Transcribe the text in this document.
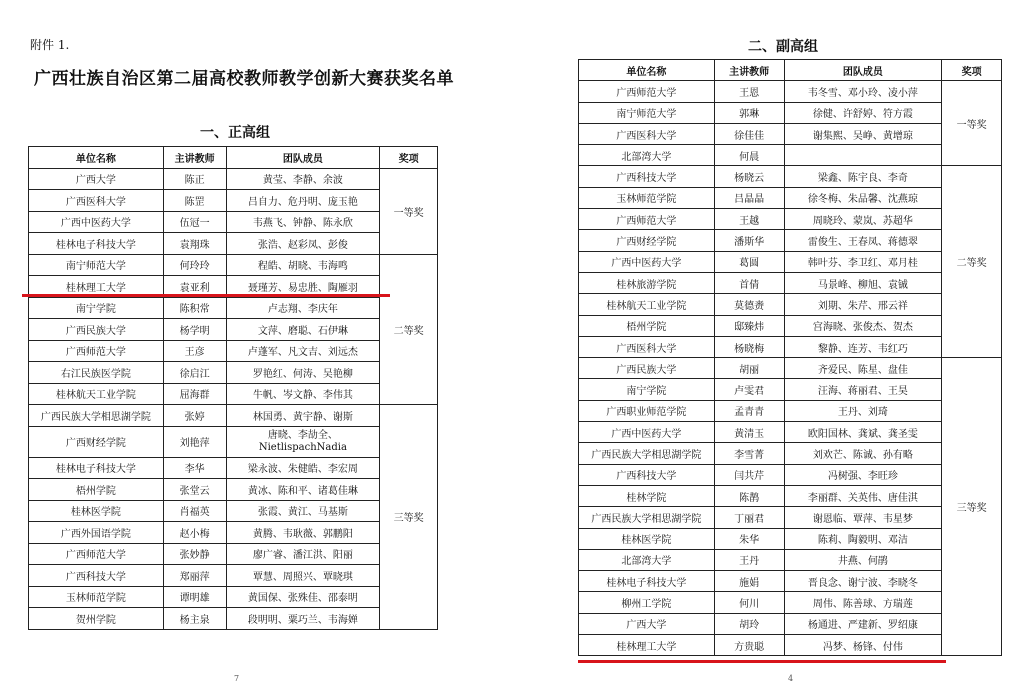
附件 1.
广西壮族自治区第二届高校教师教学创新大赛获奖名单
一、正高组
二、副高组
单位名称	主讲教师	团队成员	奖项
广西大学	陈正	黄莹、李静、余波	一等奖
广西医科大学	陈罡	吕自力、危丹明、庞玉艳	
广西中医药大学	伍冠一	韦燕飞、钟静、陈永欣	
桂林电子科技大学	袁翔珠	张浩、赵彩凤、彭俊	
南宁师范大学	何玲玲	程皓、胡晓、韦海鸣	二等奖
桂林理工大学	袁亚利	聂瑾芳、易忠胜、陶雁羽	
南宁学院	陈积常	卢志翔、李庆年	
广西民族大学	杨学明	文萍、磨聪、石伊琳	
广西师范大学	王彦	卢蓬军、凡文吉、刘远杰	
右江民族医学院	徐启江	罗艳红、何涛、吴艳柳	
桂林航天工业学院	屈海群	牛帆、岑文静、李伟其	
广西民族大学相思湖学院	张婷	林国勇、黄宇静、谢斯	三等奖
广西财经学院	刘艳萍	唐晓、李劼全、
NietlispachNadia	
桂林电子科技大学	李华	梁永波、朱健皓、李宏周	
梧州学院	张堂云	黄冰、陈和平、诸葛佳琳	
桂林医学院	肖福英	张霞、黄江、马基斯	
广西外国语学院	赵小梅	黄腾、韦耿薇、郭鹏阳	
广西师范大学	张妙静	廖广睿、潘江洪、阳丽	
广西科技大学	郑丽萍	覃慧、周照兴、覃晓琪	
玉林师范学院	谭明雄	黄国保、张殊佳、邵泰明	
贺州学院	杨主泉	段明明、粟巧兰、韦海婵	
单位名称	主讲教师	团队成员	奖项
广西师范大学	王恩	韦冬雪、邓小玲、凌小萍	一等奖
南宁师范大学	郭琳	徐健、许舒婷、符方霞	
广西医科大学	徐佳佳	谢集熙、吴峥、黄增琼	
北部湾大学	何晨		
广西科技大学	杨晓云	梁鑫、陈宇良、李奇	二等奖
玉林师范学院	吕晶晶	徐冬梅、朱品馨、沈燕琼	
广西师范大学	王越	周晓玲、蒙岚、苏超华	
广西财经学院	潘斯华	雷俊生、王春凤、蒋德翠	
广西中医药大学	葛圆	韩叶芬、李卫红、邓月桂	
桂林旅游学院	首倩	马景峰、柳旭、袁铖	
桂林航天工业学院	莫德赉	刘期、朱芹、邢云祥	
梧州学院	邸臻炜	宫海晓、张俊杰、贺杰	
广西医科大学	杨晓梅	黎静、连芳、韦红巧	
广西民族大学	胡丽	齐爱民、陈星、盘佳	三等奖
南宁学院	卢雯君	汪海、蒋丽君、王昊	
广西职业师范学院	孟青青	王丹、刘琦	
广西中医药大学	黄清玉	欧阳国林、龚斌、龚圣雯	
广西民族大学相思湖学院	李雪菁	刘欢芒、陈诚、孙有略	
广西科技大学	闫共芹	冯树强、李旺珍	
桂林学院	陈鹊	李丽群、关英伟、唐佳淇	
广西民族大学相思湖学院	丁丽君	谢恩临、覃萍、韦星梦	
桂林医学院	朱华	陈莉、陶毅明、邓洁	
北部湾大学	王丹	井燕、何鹃	
桂林电子科技大学	施娟	晋良念、谢宁波、李晓冬	
柳州工学院	何川	周伟、陈善球、方瑞莲	
广西大学	胡玲	杨通进、严建新、罗绍康	
桂林理工大学	方贵聪	冯梦、杨锋、付伟	
7	4
